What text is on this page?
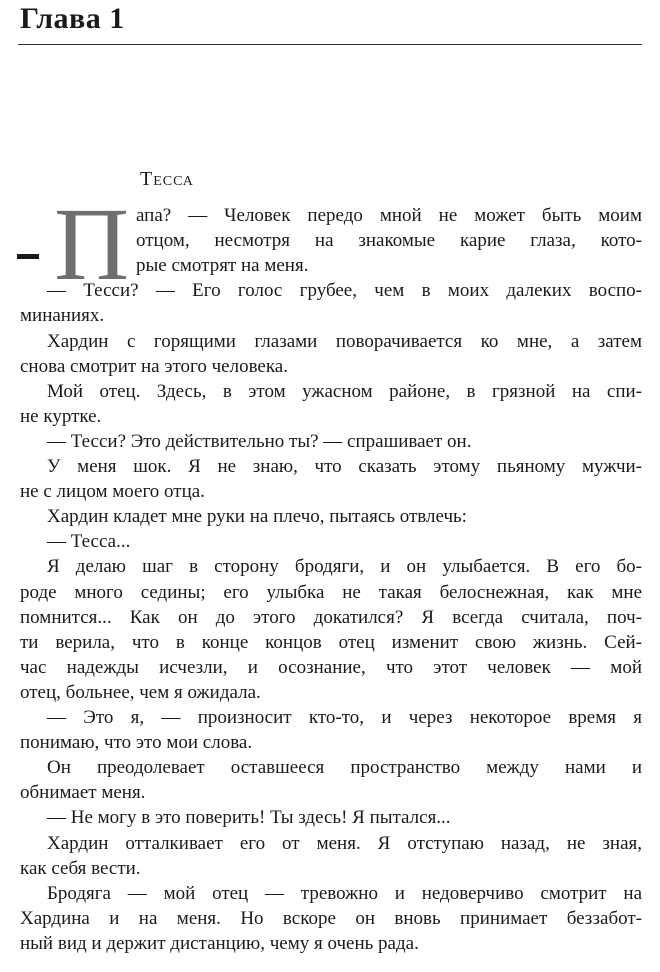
Глава 1
Тесса
П апа? — Человек передо мной не может быть моим
отцом, несмотря на знакомые карие глаза, кото-
рые смотрят на меня.
— Тесси? — Его голос грубее, чем в моих далеких воспо-
минаниях.
Хардин с горящими глазами поворачивается ко мне, а затем
снова смотрит на этого человека.
Мой отец. Здесь, в этом ужасном районе, в грязной на спи-
не куртке.
— Тесси? Это действительно ты? — спрашивает он.
У меня шок. Я не знаю, что сказать этому пьяному мужчи-
не с лицом моего отца.
Хардин кладет мне руки на плечо, пытаясь отвлечь:
— Тесса...
Я делаю шаг в сторону бродяги, и он улыбается. В его бо-
роде много седины; его улыбка не такая белоснежная, как мне
помнится... Как он до этого докатился? Я всегда считала, поч-
ти верила, что в конце концов отец изменит свою жизнь. Сей-
час надежды исчезли, и осознание, что этот человек — мой
отец, больнее, чем я ожидала.
— Это я, — произносит кто-то, и через некоторое время я
понимаю, что это мои слова.
Он преодолевает оставшееся пространство между нами и
обнимает меня.
— Не могу в это поверить! Ты здесь! Я пытался...
Хардин отталкивает его от меня. Я отступаю назад, не зная,
как себя вести.
Бродяга — мой отец — тревожно и недоверчиво смотрит на
Хардина и на меня. Но вскоре он вновь принимает беззабот-
ный вид и держит дистанцию, чему я очень рада.
